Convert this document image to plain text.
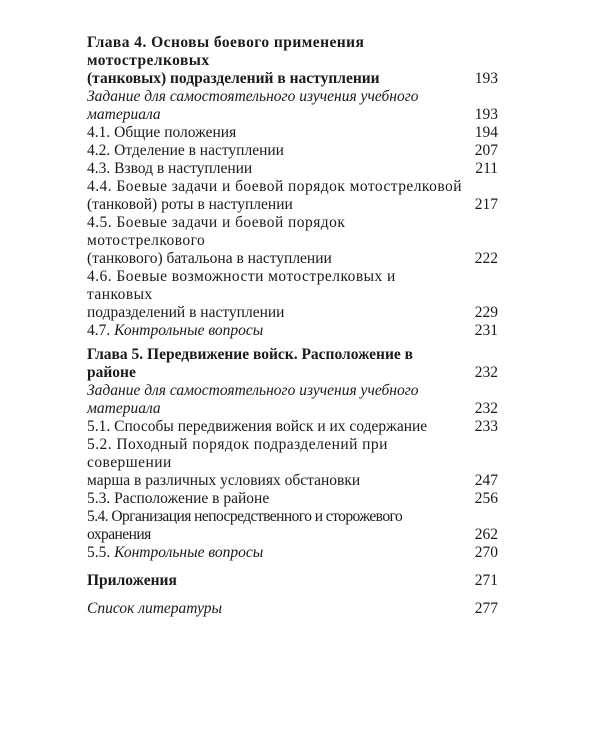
Глава 4. Основы боевого применения мотострелковых
(танковых) подразделений в наступлении	193
Задание для самостоятельного изучения учебного материала	193
4.1. Общие положения	194
4.2. Отделение в наступлении	207
4.3. Взвод в наступлении	211
4.4. Боевые задачи и боевой порядок мотострелковой
(танковой) роты в наступлении	217
4.5. Боевые задачи и боевой порядок мотострелкового
(танкового) батальона в наступлении	222
4.6. Боевые возможности мотострелковых и танковых
подразделений в наступлении	229
4.7. Контрольные вопросы	231
Глава 5. Передвижение войск. Расположение в районе	232
Задание для самостоятельного изучения учебного материала	232
5.1. Способы передвижения войск и их содержание	233
5.2. Походный порядок подразделений при совершении
марша в различных условиях обстановки	247
5.3. Расположение в районе	256
5.4. Организация непосредственного и сторожевого охранения	262
5.5. Контрольные вопросы	270
Приложения	271
Список литературы	277
